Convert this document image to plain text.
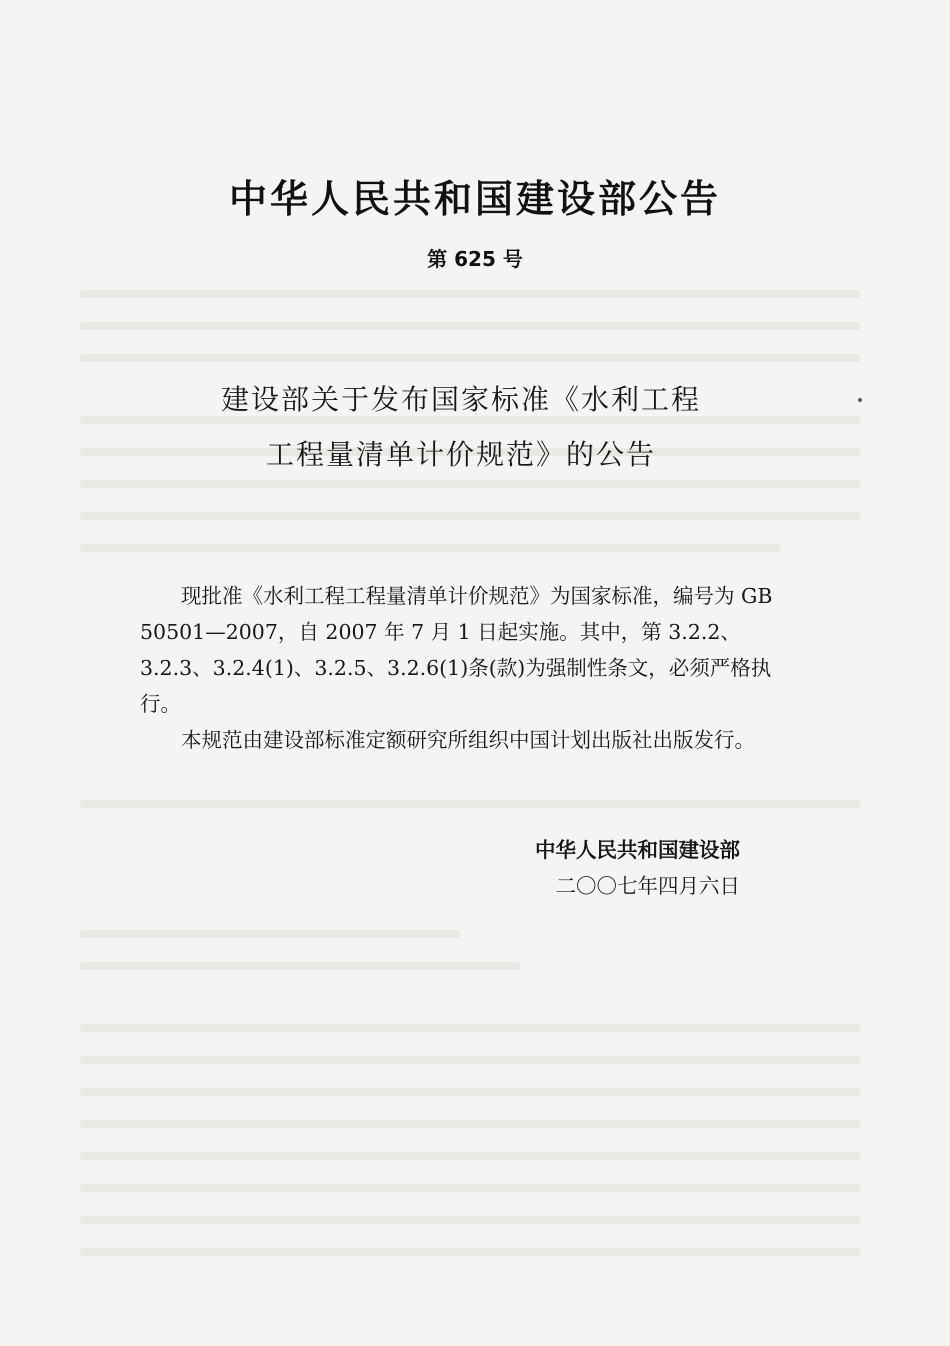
中华人民共和国建设部公告
第 625 号
建设部关于发布国家标准《水利工程
工程量清单计价规范》的公告

现批准《水利工程工程量清单计价规范》为国家标准，编号为 GB 50501—2007，自 2007 年 7 月 1 日起实施。其中，第 3.2.2、3.2.3、3.2.4(1)、3.2.5、3.2.6(1)条(款)为强制性条文，必须严格执行。

本规范由建设部标准定额研究所组织中国计划出版社出版发行。

中华人民共和国建设部
二〇〇七年四月六日
